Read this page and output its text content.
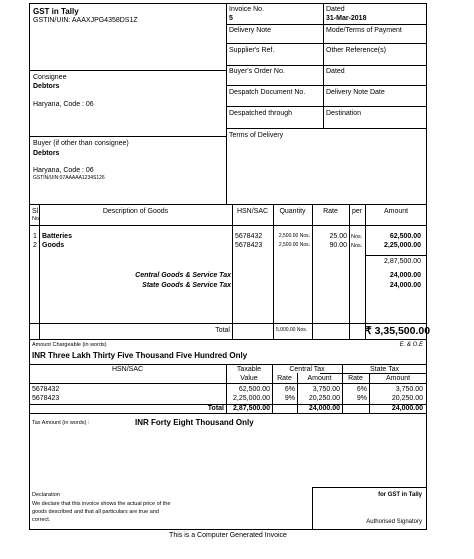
GST in Tally
GSTIN/UIN: AAAXJPG4358DS1Z
Invoice No.
5
Dated
31-Mar-2018
Delivery Note	Mode/Terms of Payment
Supplier's Ref.	Other Reference(s)
Buyer's Order No.	Dated
Despatch Document No.	Delivery Note Date
Despatched through	Destination
Terms of Delivery
Consignee
Debtors
Haryana, Code : 06
Buyer (if other than consignee)
Debtors
Haryana, Code : 06
GSTIN/UIN:07AAAAA1234S126
Sl
No.
Description of Goods	HSN/SAC	Quantity	Rate	per	Amount
1 Batteries	5678432	2,500.00 Nos.	25.00 Nos.	62,500.00
2 Goods	5678423	2,500.00 Nos.	90.00 Nos.	2,25,000.00
2,87,500.00
Central Goods & Service Tax	24,000.00
State Goods & Service Tax	24,000.00
Total	5,000.00 Nos.	₹ 3,35,500.00
Amount Chargeable (in words)	E. & O.E
INR Three Lakh Thirty Five Thousand Five Hundred Only
HSN/SAC	Taxable
Value
Central Tax	State Tax
Rate	Amount	Rate	Amount
5678432	62,500.00	6%	3,750.00	6%	3,750.00
5678423	2,25,000.00	9%	20,250.00	9%	20,250.00
Total	2,87,500.00	24,000.00	24,000.00
Tax Amount (in words) :	INR Forty Eight Thousand Only
Declaration
We declare that this invoice shows the actual price of the
goods described and that all particulars are true and
correct.
for GST in Tally
Authorised Signatory
This is a Computer Generated Invoice
